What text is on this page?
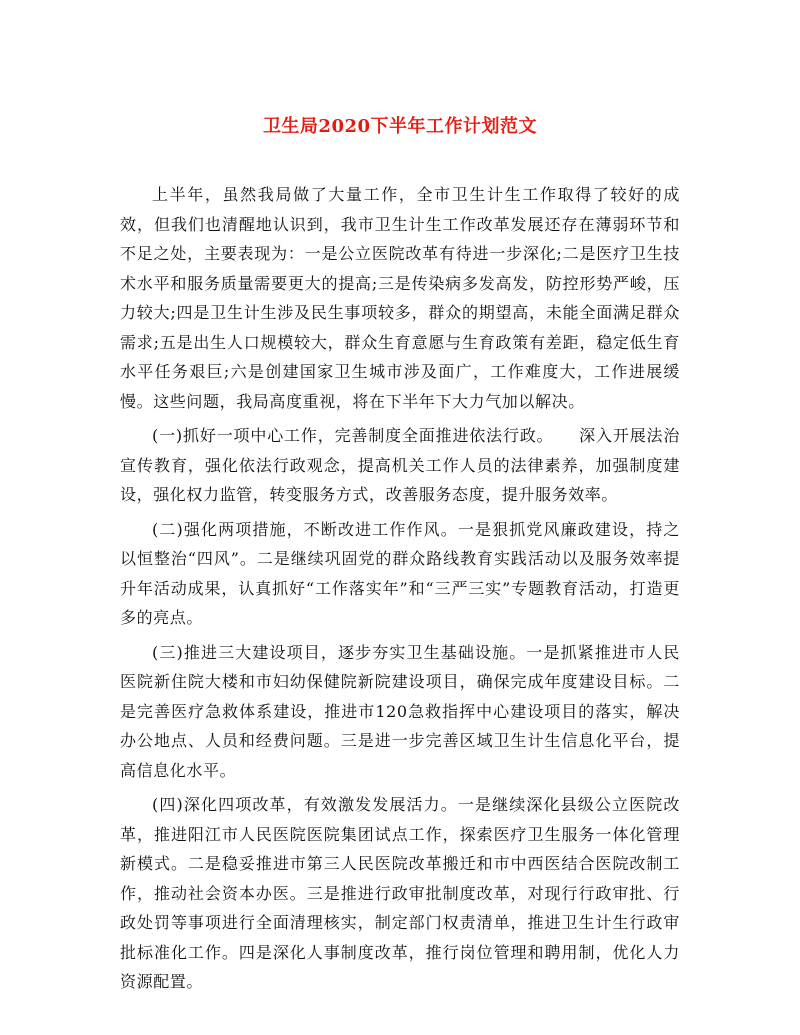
卫生局2020下半年工作计划范文

上半年，虽然我局做了大量工作，全市卫生计生工作取得了较好的成效，但我们也清醒地认识到，我市卫生计生工作改革发展还存在薄弱环节和不足之处，主要表现为：一是公立医院改革有待进一步深化;二是医疗卫生技术水平和服务质量需要更大的提高;三是传染病多发高发，防控形势严峻，压力较大;四是卫生计生涉及民生事项较多，群众的期望高，未能全面满足群众需求;五是出生人口规模较大，群众生育意愿与生育政策有差距，稳定低生育水平任务艰巨;六是创建国家卫生城市涉及面广，工作难度大，工作进展缓慢。这些问题，我局高度重视，将在下半年下大力气加以解决。

(一)抓好一项中心工作，完善制度全面推进依法行政。　　深入开展法治宣传教育，强化依法行政观念，提高机关工作人员的法律素养，加强制度建设，强化权力监管，转变服务方式，改善服务态度，提升服务效率。

(二)强化两项措施，不断改进工作作风。一是狠抓党风廉政建设，持之以恒整治“四风”。二是继续巩固党的群众路线教育实践活动以及服务效率提升年活动成果，认真抓好“工作落实年”和“三严三实”专题教育活动，打造更多的亮点。

(三)推进三大建设项目，逐步夯实卫生基础设施。一是抓紧推进市人民医院新住院大楼和市妇幼保健院新院建设项目，确保完成年度建设目标。二是完善医疗急救体系建设，推进市120急救指挥中心建设项目的落实，解决办公地点、人员和经费问题。三是进一步完善区域卫生计生信息化平台，提高信息化水平。

(四)深化四项改革，有效激发发展活力。一是继续深化县级公立医院改革，推进阳江市人民医院医院集团试点工作，探索医疗卫生服务一体化管理新模式。二是稳妥推进市第三人民医院改革搬迁和市中西医结合医院改制工作，推动社会资本办医。三是推进行政审批制度改革，对现行行政审批、行政处罚等事项进行全面清理核实，制定部门权责清单，推进卫生计生行政审批标准化工作。四是深化人事制度改革，推行岗位管理和聘用制，优化人力资源配置。
